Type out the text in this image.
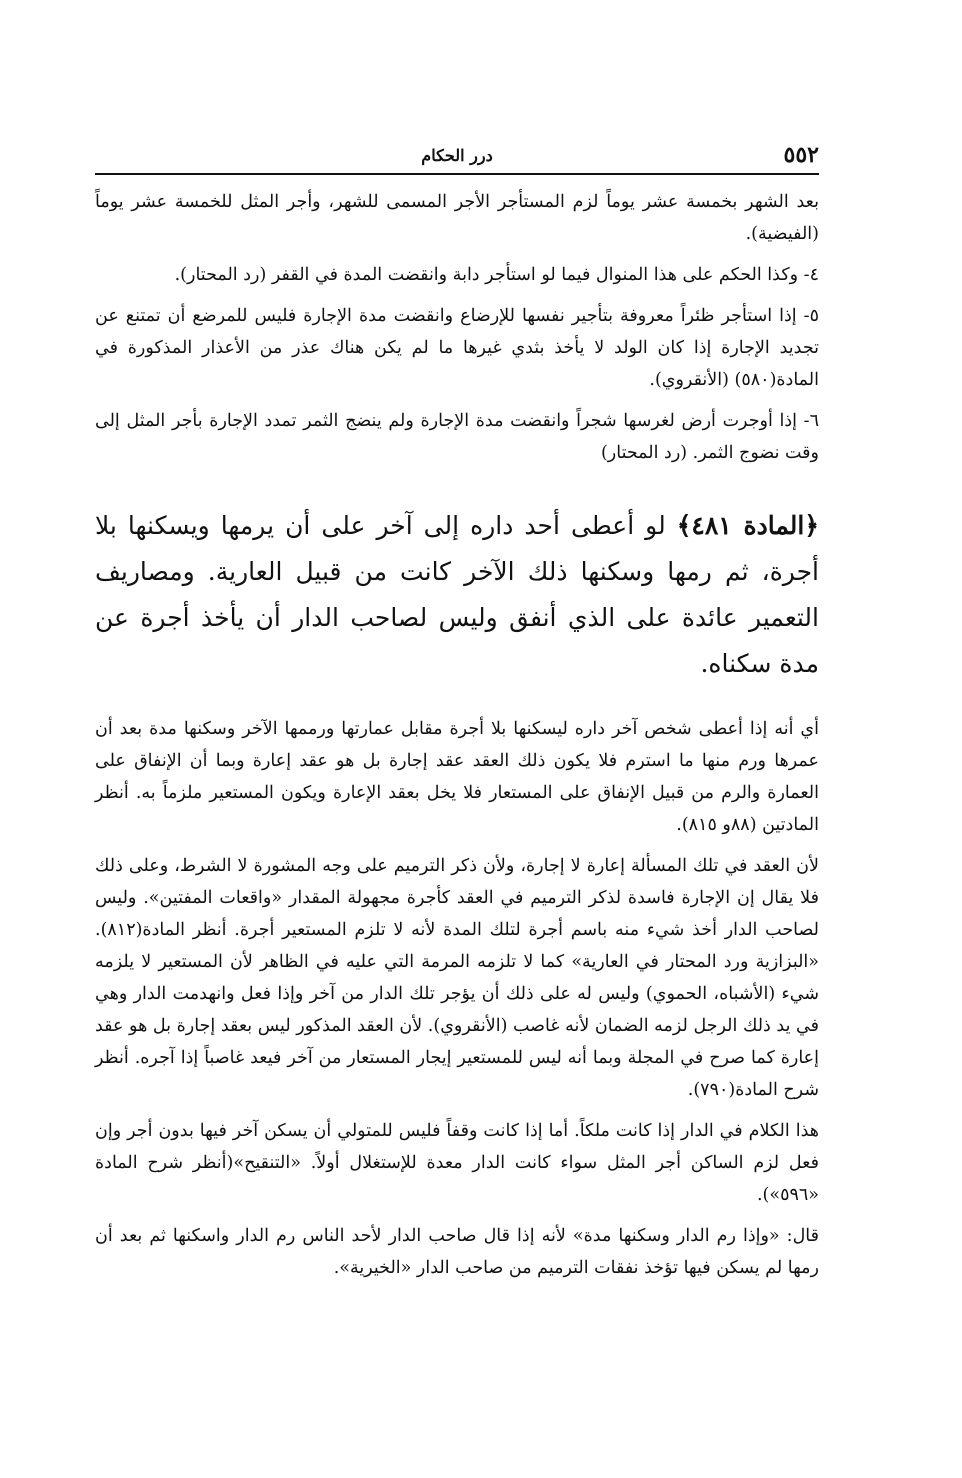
٥٥٢
درر الحكام

بعد الشهر بخمسة عشر يوماً لزم المستأجر الأجر المسمى للشهر، وأجر المثل للخمسة عشر يوماً (الفيضية).

٤- وكذا الحكم على هذا المنوال فيما لو استأجر دابة وانقضت المدة في القفر (رد المحتار).

٥- إذا استأجر ظئراً معروفة بتأجير نفسها للإرضاع وانقضت مدة الإجارة فليس للمرضع أن تمتنع عن تجديد الإجارة إذا كان الولد لا يأخذ بثدي غيرها ما لم يكن هناك عذر من الأعذار المذكورة في المادة(٥٨٠) (الأنقروي).

٦- إذا أوجرت أرض لغرسها شجراً وانقضت مدة الإجارة ولم ينضج الثمر تمدد الإجارة بأجر المثل إلى وقت نضوج الثمر. (رد المحتار)

﴿المادة ٤٨١﴾ لو أعطى أحد داره إلى آخر على أن يرمها ويسكنها بلا أجرة، ثم رمها وسكنها ذلك الآخر كانت من قبيل العارية. ومصاريف التعمير عائدة على الذي أنفق وليس لصاحب الدار أن يأخذ أجرة عن مدة سكناه.

أي أنه إذا أعطى شخص آخر داره ليسكنها بلا أجرة مقابل عمارتها ورممها الآخر وسكنها مدة بعد أن عمرها ورم منها ما استرم فلا يكون ذلك العقد عقد إجارة بل هو عقد إعارة وبما أن الإنفاق على العمارة والرم من قبيل الإنفاق على المستعار فلا يخل بعقد الإعارة ويكون المستعير ملزماً به. أنظر المادتين (٨٨و ٨١٥).

لأن العقد في تلك المسألة إعارة لا إجارة، ولأن ذكر الترميم على وجه المشورة لا الشرط، وعلى ذلك فلا يقال إن الإجارة فاسدة لذكر الترميم في العقد كأجرة مجهولة المقدار «واقعات المفتين». وليس لصاحب الدار أخذ شيء منه باسم أجرة لتلك المدة لأنه لا تلزم المستعير أجرة. أنظر المادة(٨١٢). «البزازية ورد المحتار في العارية» كما لا تلزمه المرمة التي عليه في الظاهر لأن المستعير لا يلزمه شيء (الأشباه، الحموي) وليس له على ذلك أن يؤجر تلك الدار من آخر وإذا فعل وانهدمت الدار وهي في يد ذلك الرجل لزمه الضمان لأنه غاصب (الأنقروي). لأن العقد المذكور ليس بعقد إجارة بل هو عقد إعارة كما صرح في المجلة وبما أنه ليس للمستعير إيجار المستعار من آخر فيعد غاصباً إذا آجره. أنظر شرح المادة(٧٩٠).

هذا الكلام في الدار إذا كانت ملكاً. أما إذا كانت وقفاً فليس للمتولي أن يسكن آخر فيها بدون أجر وإن فعل لزم الساكن أجر المثل سواء كانت الدار معدة للإستغلال أولاً. «التنقيح»(أنظر شرح المادة «٥٩٦»).

قال: «وإذا رم الدار وسكنها مدة» لأنه إذا قال صاحب الدار لأحد الناس رم الدار واسكنها ثم بعد أن رمها لم يسكن فيها تؤخذ نفقات الترميم من صاحب الدار «الخيرية».
